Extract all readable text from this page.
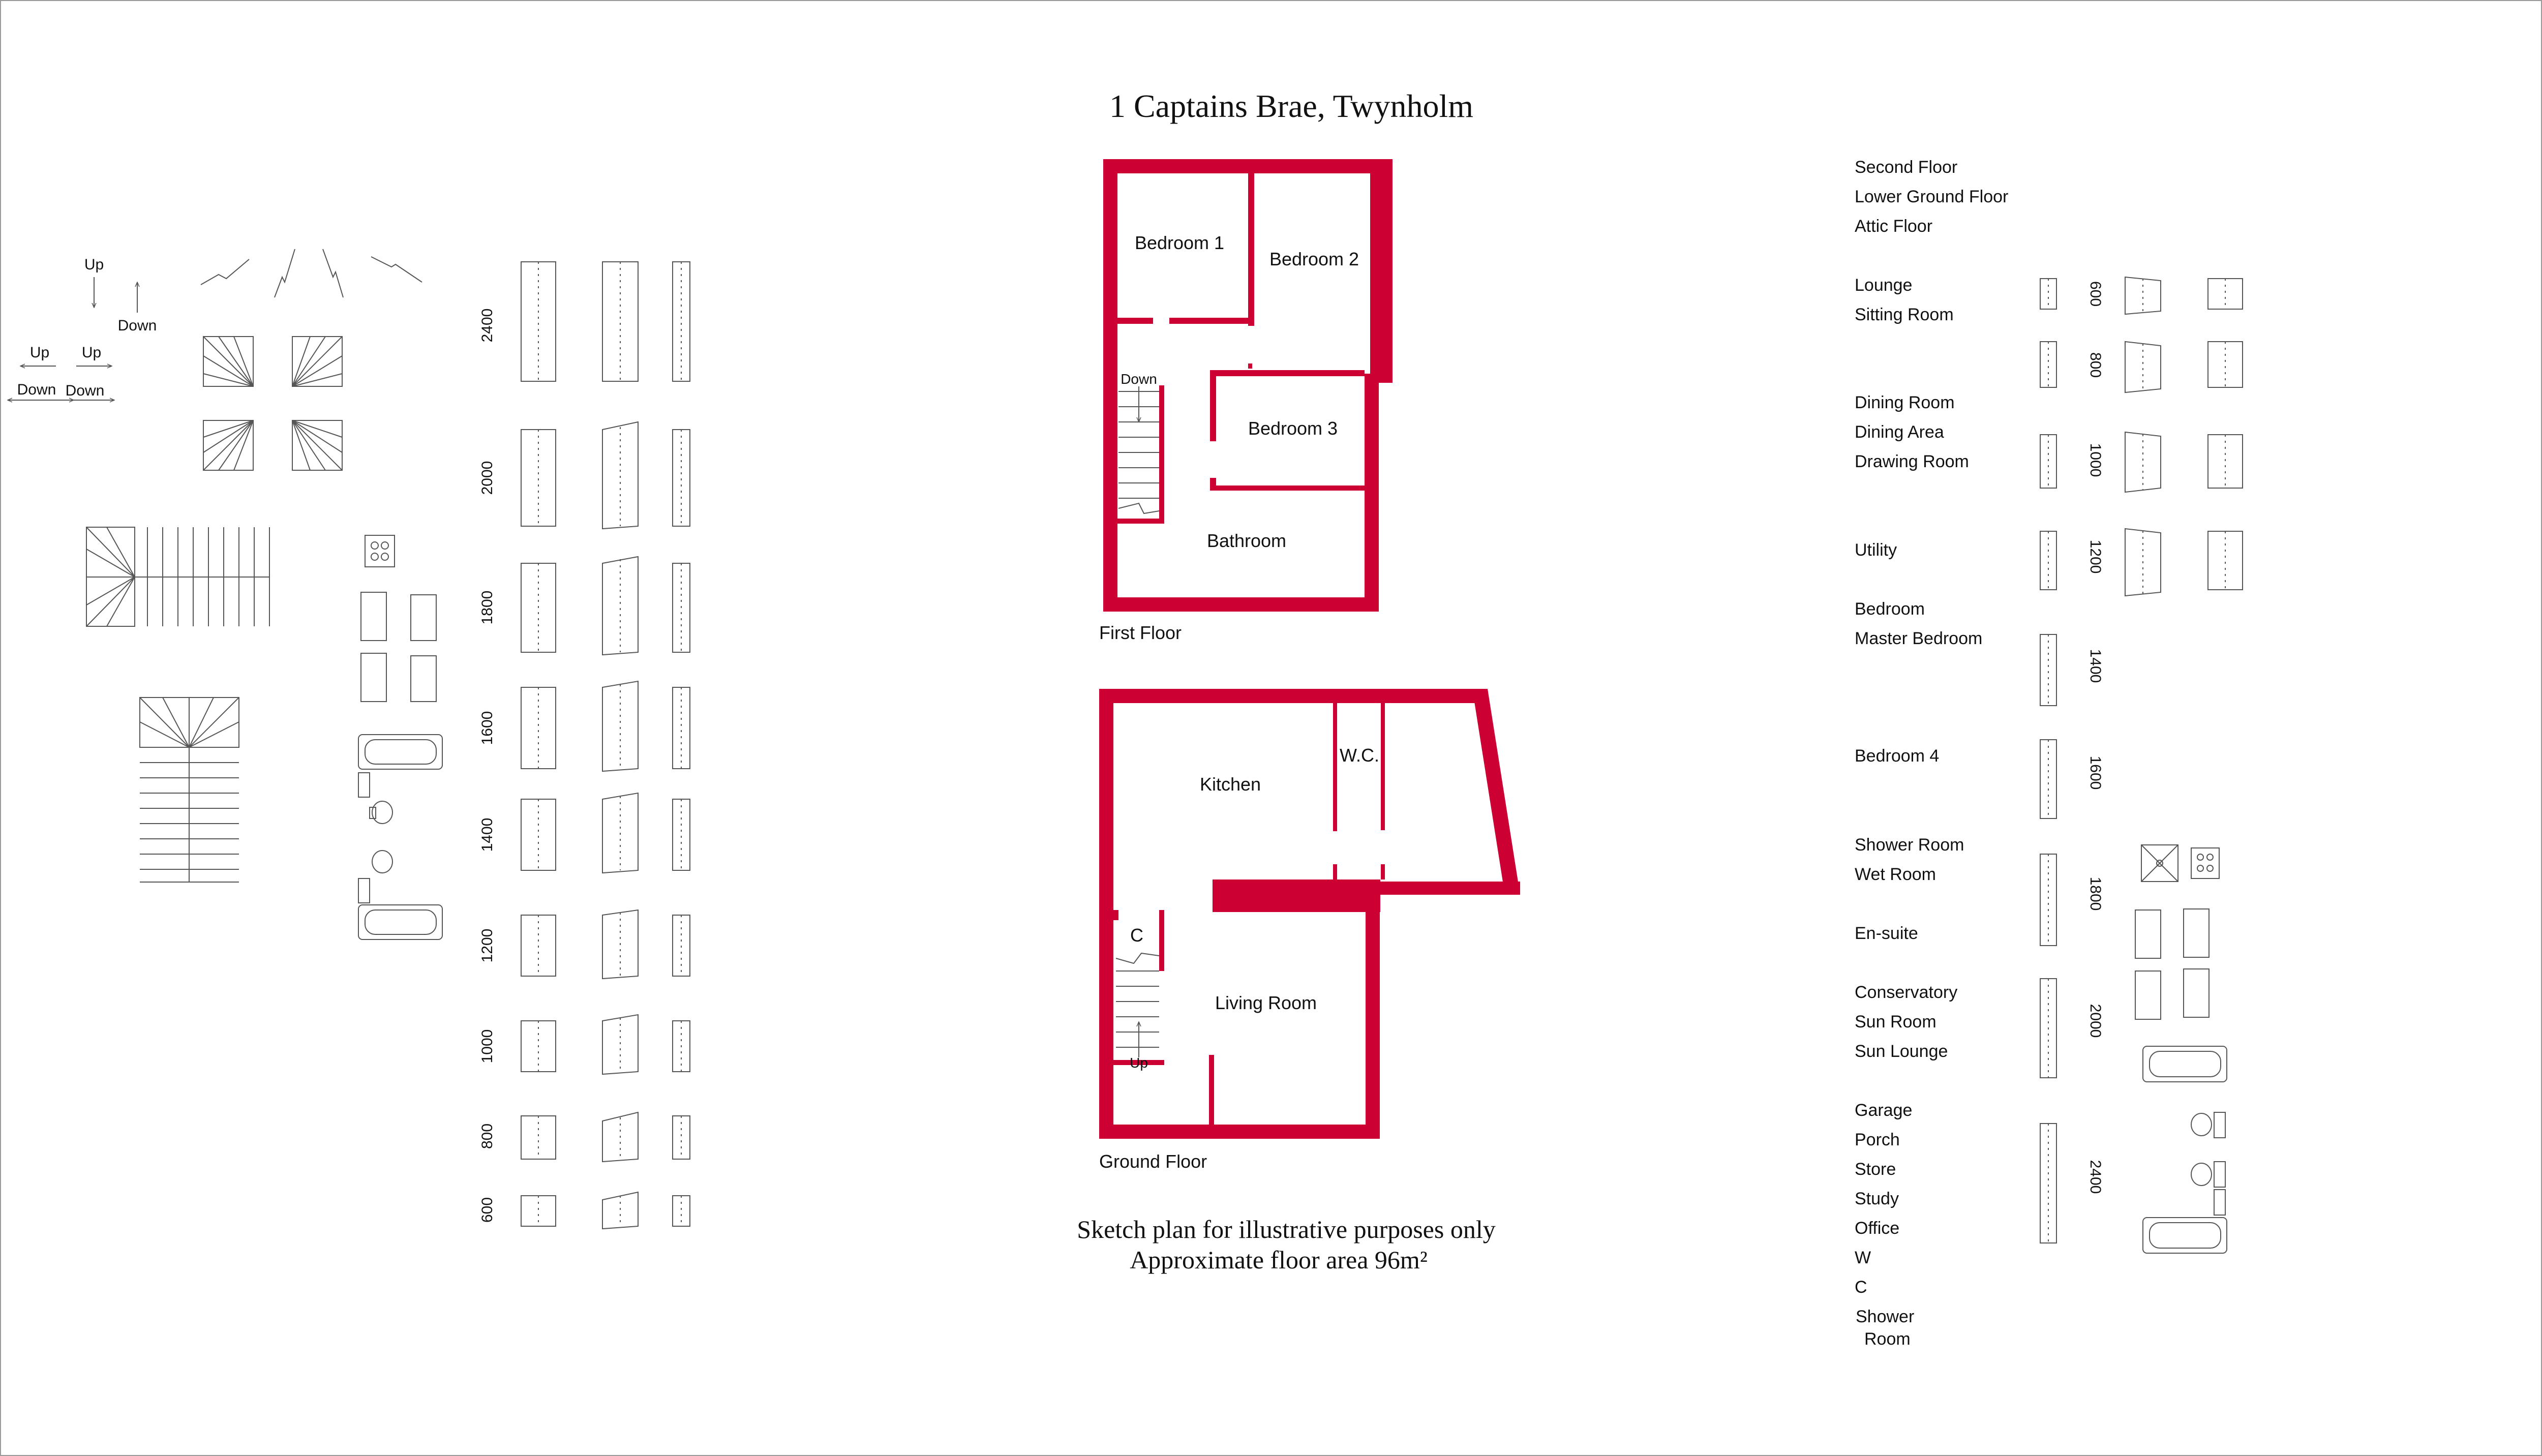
1 Captains Brae, Twynholm
Down
Bedroom 1
Bedroom 2
Bedroom 3
Bathroom
First Floor
Up
Kitchen
W.C.
Living Room
C
Ground Floor
Sketch plan for illustrative purposes only
Approximate floor area 96m²
Up
Down
Up Up
Down Down
2400
2000
1800
1600
1400
1200
1000
800
600
Second Floor
Lower Ground Floor
Attic Floor
Lounge
Sitting Room
Dining Room
Dining Area
Drawing Room
Utility
Bedroom
Master Bedroom
Bedroom 4
Shower Room
Wet Room
En-suite
Conservatory
Sun Room
Sun Lounge
Garage
Porch
Store
Study
Office
W
C
Shower
Room
600
800
1000
1200
1400
1600
1800
2000
2400
